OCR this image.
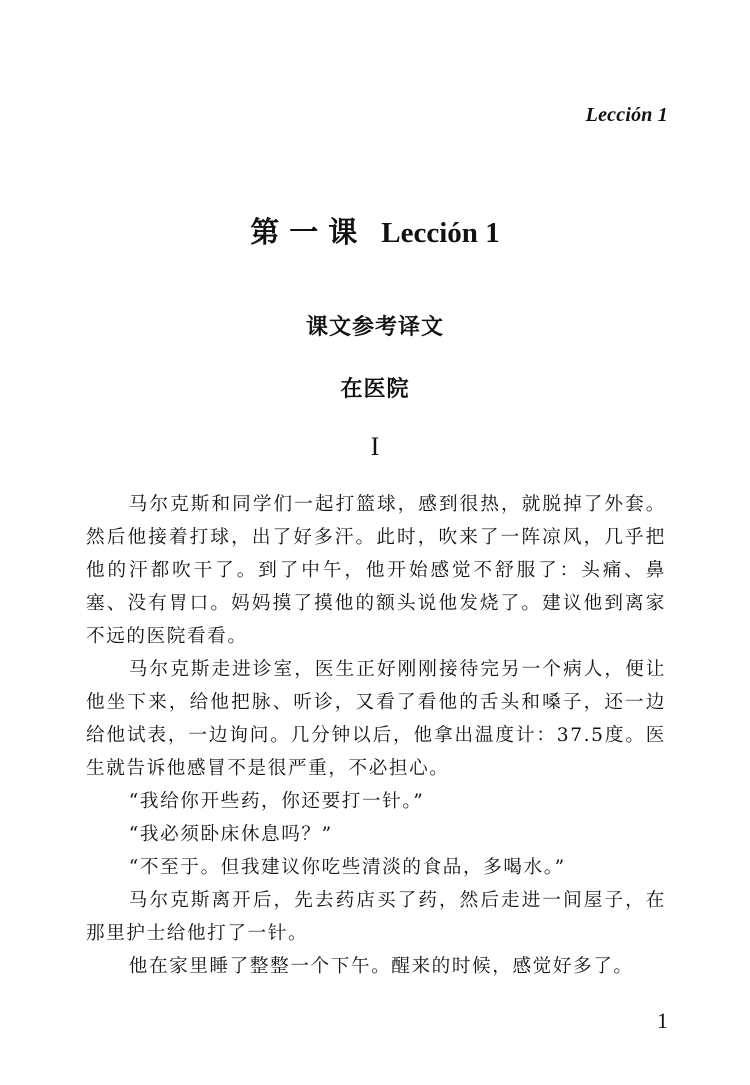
Lección 1
第一课 Lección 1
课文参考译文
在医院
I

马尔克斯和同学们一起打篮球，感到很热，就脱掉了外套。然后他接着打球，出了好多汗。此时，吹来了一阵凉风，几乎把他的汗都吹干了。到了中午，他开始感觉不舒服了：头痛、鼻塞、没有胃口。妈妈摸了摸他的额头说他发烧了。建议他到离家不远的医院看看。

马尔克斯走进诊室，医生正好刚刚接待完另一个病人，便让他坐下来，给他把脉、听诊，又看了看他的舌头和嗓子，还一边给他试表，一边询问。几分钟以后，他拿出温度计：37.5度。医生就告诉他感冒不是很严重，不必担心。

“我给你开些药，你还要打一针。”

“我必须卧床休息吗？”

“不至于。但我建议你吃些清淡的食品，多喝水。”

马尔克斯离开后，先去药店买了药，然后走进一间屋子，在那里护士给他打了一针。

他在家里睡了整整一个下午。醒来的时候，感觉好多了。

1
